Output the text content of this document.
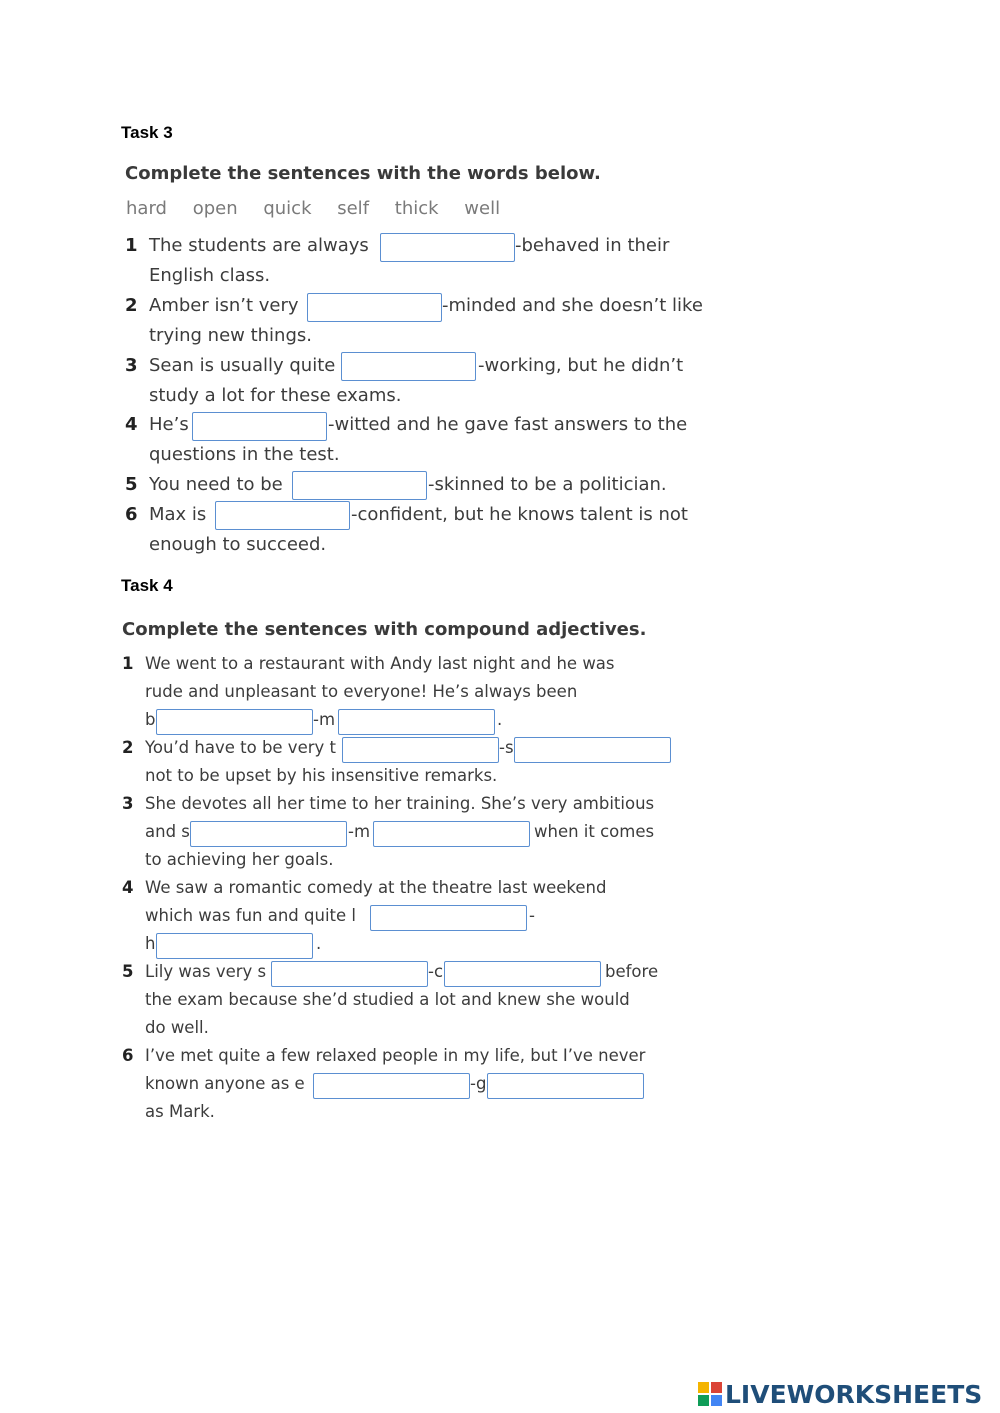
Task 3
Complete the sentences with the words below.
hard open quick self thick well
1 The students are always	-behaved in their
English class.
2 Amber isn’t very	-minded and she doesn’t like
trying new things.
3 Sean is usually quite	-working, but he didn’t
study a lot for these exams.
4 He’s	-witted and he gave fast answers to the
questions in the test.
5 You need to be	-skinned to be a politician.
6 Max is	-confident, but he knows talent is not
enough to succeed.
Task 4
Complete the sentences with compound adjectives.
1 We went to a restaurant with Andy last night and he was
rude and unpleasant to everyone! He’s always been
b	-m	.
2 You’d have to be very t	-s
not to be upset by his insensitive remarks.
3 She devotes all her time to her training. She’s very ambitious
and s	-m	when it comes
to achieving her goals.
4 We saw a romantic comedy at the theatre last weekend
which was fun and quite l	-
h	.
5 Lily was very s	-c	before
the exam because she’d studied a lot and knew she would
do well.
6 I’ve met quite a few relaxed people in my life, but I’ve never
known anyone as e	-g
as Mark.
LIVEWORKSHEETS
